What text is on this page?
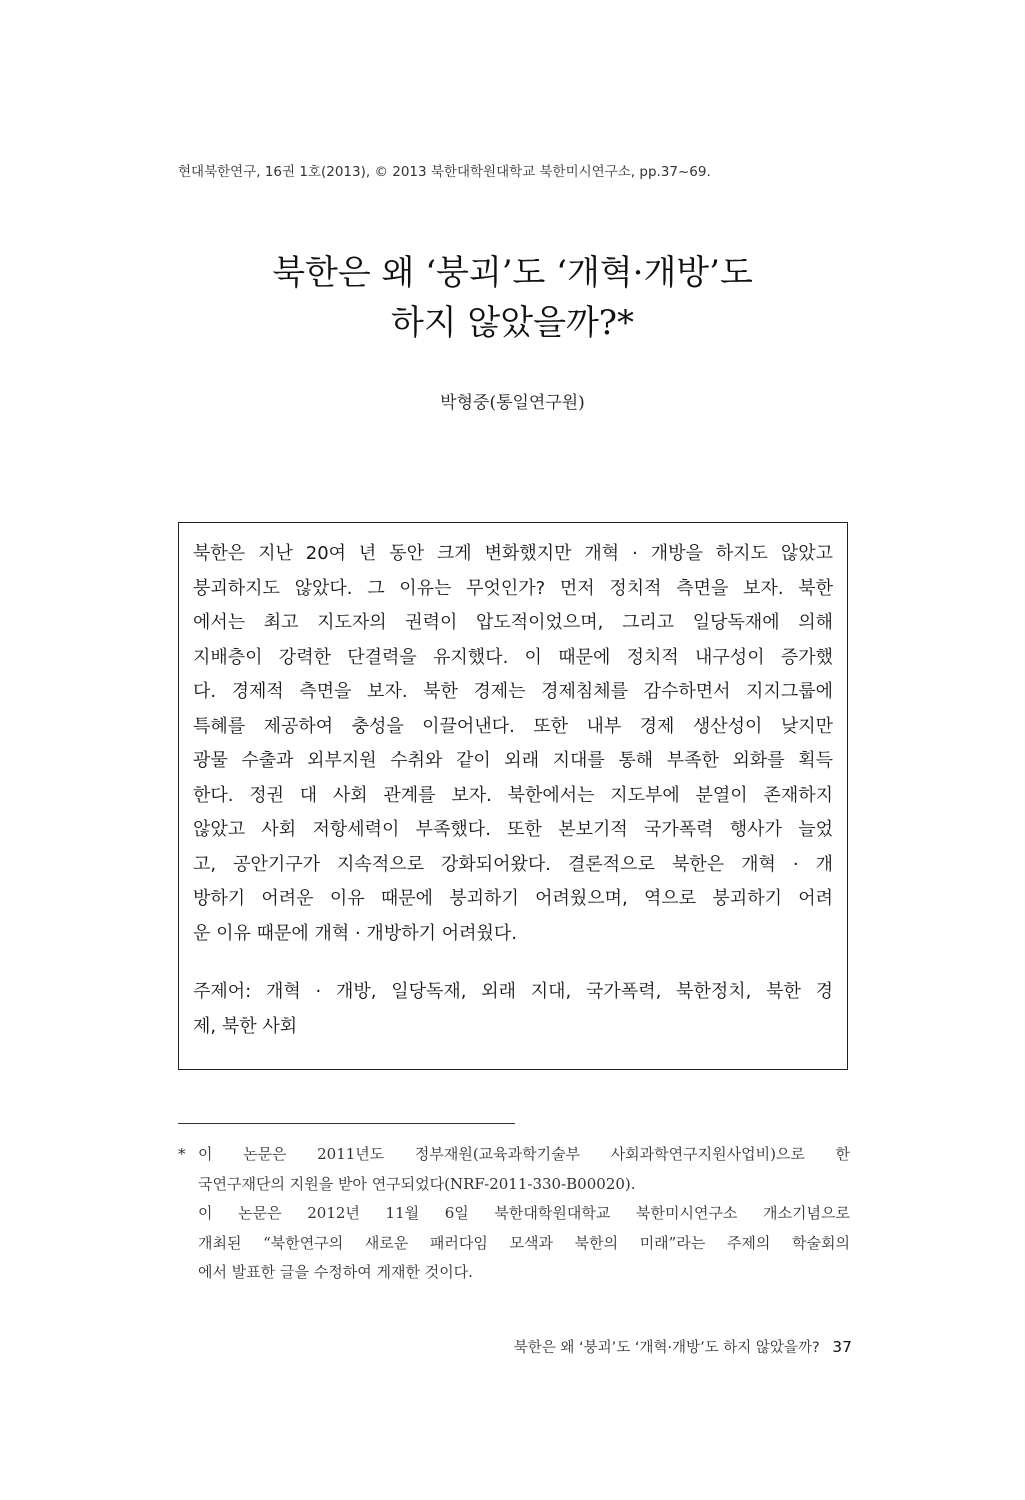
현대북한연구, 16권 1호(2013), © 2013 북한대학원대학교 북한미시연구소, pp.37~69.
북한은 왜 ‘붕괴’도 ‘개혁·개방’도
하지 않았을까?*
박형중(통일연구원)
북한은 지난 20여 년 동안 크게 변화했지만 개혁 · 개방을 하지도 않았고
붕괴하지도 않았다. 그 이유는 무엇인가? 먼저 정치적 측면을 보자. 북한
에서는 최고 지도자의 권력이 압도적이었으며, 그리고 일당독재에 의해
지배층이 강력한 단결력을 유지했다. 이 때문에 정치적 내구성이 증가했
다. 경제적 측면을 보자. 북한 경제는 경제침체를 감수하면서 지지그룹에
특혜를 제공하여 충성을 이끌어낸다. 또한 내부 경제 생산성이 낮지만
광물 수출과 외부지원 수취와 같이 외래 지대를 통해 부족한 외화를 획득
한다. 정권 대 사회 관계를 보자. 북한에서는 지도부에 분열이 존재하지
않았고 사회 저항세력이 부족했다. 또한 본보기적 국가폭력 행사가 늘었
고, 공안기구가 지속적으로 강화되어왔다. 결론적으로 북한은 개혁 · 개
방하기 어려운 이유 때문에 붕괴하기 어려웠으며, 역으로 붕괴하기 어려
운 이유 때문에 개혁 · 개방하기 어려웠다.
주제어: 개혁 · 개방, 일당독재, 외래 지대, 국가폭력, 북한정치, 북한 경
제, 북한 사회
* 이 논문은 2011년도 정부재원(교육과학기술부 사회과학연구지원사업비)으로 한
국연구재단의 지원을 받아 연구되었다(NRF-2011-330-B00020).
이 논문은 2012년 11월 6일 북한대학원대학교 북한미시연구소 개소기념으로
개최된 “북한연구의 새로운 패러다임 모색과 북한의 미래”라는 주제의 학술회의
에서 발표한 글을 수정하여 게재한 것이다.
북한은 왜 ‘붕괴’도 ‘개혁·개방’도 하지 않았을까? 37
